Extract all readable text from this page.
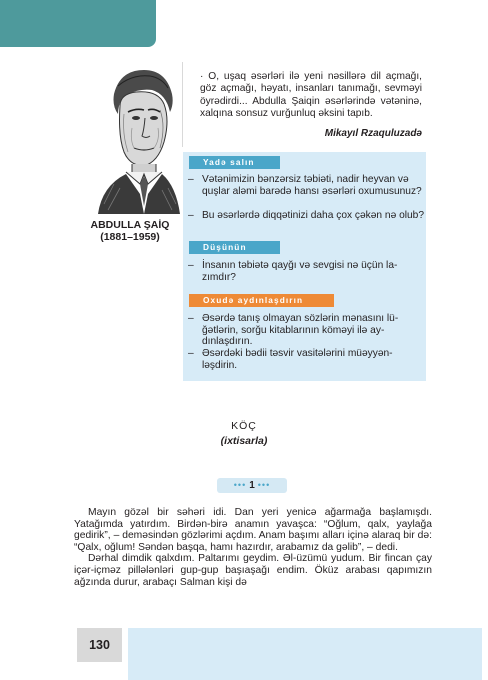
ABDULLA ŞAİQ
(1881–1959)
· O, uşaq əsərləri ilə yeni nəsillərə dil açmağı, göz açmağı, həyatı, insanları tanımağı, sevməyi öyrədirdi... Abdulla Şaiqin əsərlərində vətəninə, xalqına sonsuz vurğunluq əksini tapıb.
Mikayıl Rzaquluzadə
Yadə salın
– Vətənimizin bənzərsiz təbiəti, nadir heyvan və quşlar aləmi barədə hansı əsərləri oxumusunuz?
– Bu əsərlərdə diqqətinizi daha çox çəkən nə olub?
Düşünün
– İnsanın təbiətə qayğı və sevgisi nə üçün lazımdır?
Oxudə aydınlaşdırın
– Əsərdə tanış olmayan sözlərin mənasını lüğətlərin, sorğu kitablarının köməyi ilə aydınlaşdırın.
– Əsərdəki bədii təsvir vasitələrini müəyyənləşdirin.
KÖÇ
(ixtisarla)
••• 1 •••

Mayın gözəl bir səhəri idi. Dan yeri yenicə ağarmağa başlamışdı. Yatağımda yatırdım. Birdən-birə anamın yavaşca: “Oğlum, qalx, yaylağa gedirik”, – deməsindən gözlərimi açdım. Anam başımı alları içinə alaraq bir də: “Qalx, oğlum! Səndən başqa, hamı hazırdır, arabamız da gəlib”, – dedi.

Dərhal dimdik qalxdım. Paltarımı geydim. Əl-üzümü yudum. Bir fincan çay içər-içməz pillələnləri gup-gup başıaşağı endim. Öküz arabası qapımızın ağzında durur, arabaçı Salman kişi də

130
